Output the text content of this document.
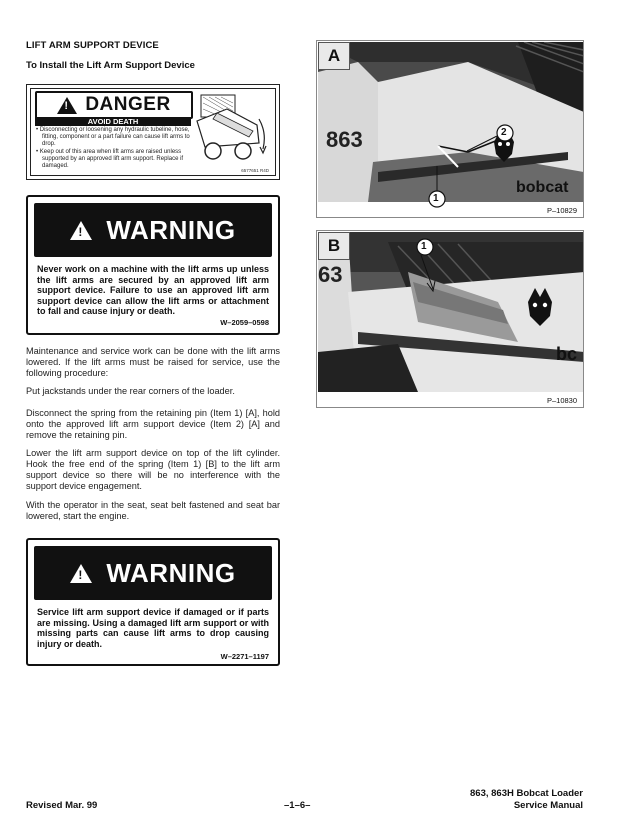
LIFT ARM SUPPORT DEVICE
To Install the Lift Arm Support Device
!
DANGER
AVOID DEATH
• Disconnecting or loosening any hydraulic tubeline, hose, fitting, component or a part failure can cause lift arms to drop.
• Keep out of this area when lift arms are raised unless supported by an approved lift arm support. Replace if damaged.
6577651 R4D
!
WARNING
Never work on a machine with the lift arms up unless the lift arms are secured by an approved lift arm support device. Failure to use an approved lift arm support device can allow the lift arms or attachment to fall and cause injury or death.
W–2059–0598
Maintenance and service work can be done with the lift arms lowered. If the lift arms must be raised for service, use the following procedure:
Put jackstands under the rear corners of the loader.
Disconnect the spring from the retaining pin (Item 1) [A], hold onto the approved lift arm support device (Item 2) [A] and remove the retaining pin.
Lower the lift arm support device on top of the lift cylinder. Hook the free end of the spring (Item 1) [B] to the lift arm support device so there will be no interference with the support device engagement.
With the operator in the seat, seat belt fastened and seat bar lowered, start the engine.
!
WARNING
Service lift arm support device if damaged or if parts are missing. Using a damaged lift arm support or with missing parts can cause lift arms to drop causing injury or death.
W–2271–1197
863
bobcat
A
2
1
P–10829
63
bc
B	1
P–10830
Revised Mar. 99	–1–6–
863, 863H Bobcat Loader
Service Manual
